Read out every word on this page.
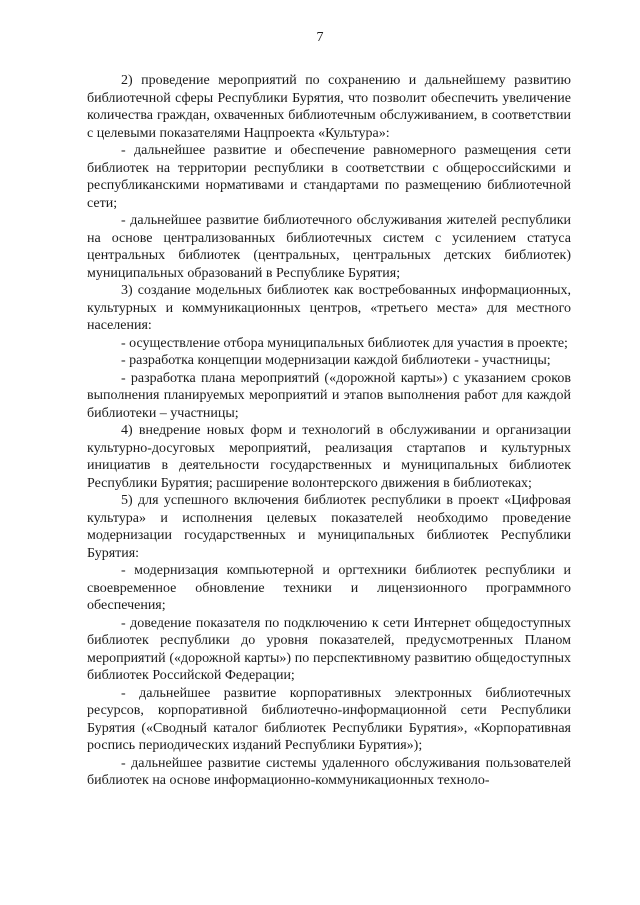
7

2) проведение мероприятий по сохранению и дальнейшему развитию библиотечной сферы Республики Бурятия, что позволит обеспечить увеличение количества граждан, охваченных библиотечным обслуживанием, в соответствии с целевыми показателями Нацпроекта «Культура»:

- дальнейшее развитие и обеспечение равномерного размещения сети библиотек на территории республики в соответствии с общероссийскими и республиканскими нормативами и стандартами по размещению библиотечной сети;

- дальнейшее развитие библиотечного обслуживания жителей республики на основе централизованных библиотечных систем с усилением статуса центральных библиотек (центральных, центральных детских библиотек) муниципальных образований в Республике Бурятия;

3) создание модельных библиотек как востребованных информационных, культурных и коммуникационных центров, «третьего места» для местного населения:

- осуществление отбора муниципальных библиотек для участия в проекте;

- разработка концепции модернизации каждой библиотеки - участницы;

- разработка плана мероприятий («дорожной карты») с указанием сроков выполнения планируемых мероприятий и этапов выполнения работ для каждой библиотеки – участницы;

4) внедрение новых форм и технологий в обслуживании и организации культурно-досуговых мероприятий, реализация стартапов и культурных инициатив в деятельности государственных и муниципальных библиотек Республики Бурятия; расширение волонтерского движения в библиотеках;

5) для успешного включения библиотек республики в проект «Цифровая культура» и исполнения целевых показателей необходимо проведение модернизации государственных и муниципальных библиотек Республики Бурятия:

- модернизация компьютерной и оргтехники библиотек республики и своевременное обновление техники и лицензионного программного обеспечения;

- доведение показателя по подключению к сети Интернет общедоступных библиотек республики до уровня показателей, предусмотренных Планом мероприятий («дорожной карты») по перспективному развитию общедоступных библиотек Российской Федерации;

- дальнейшее развитие корпоративных электронных библиотечных ресурсов, корпоративной библиотечно-информационной сети Республики Бурятия («Сводный каталог библиотек Республики Бурятия», «Корпоративная роспись периодических изданий Республики Бурятия»);

- дальнейшее развитие системы удаленного обслуживания пользователей библиотек на основе информационно-коммуникационных техноло-
